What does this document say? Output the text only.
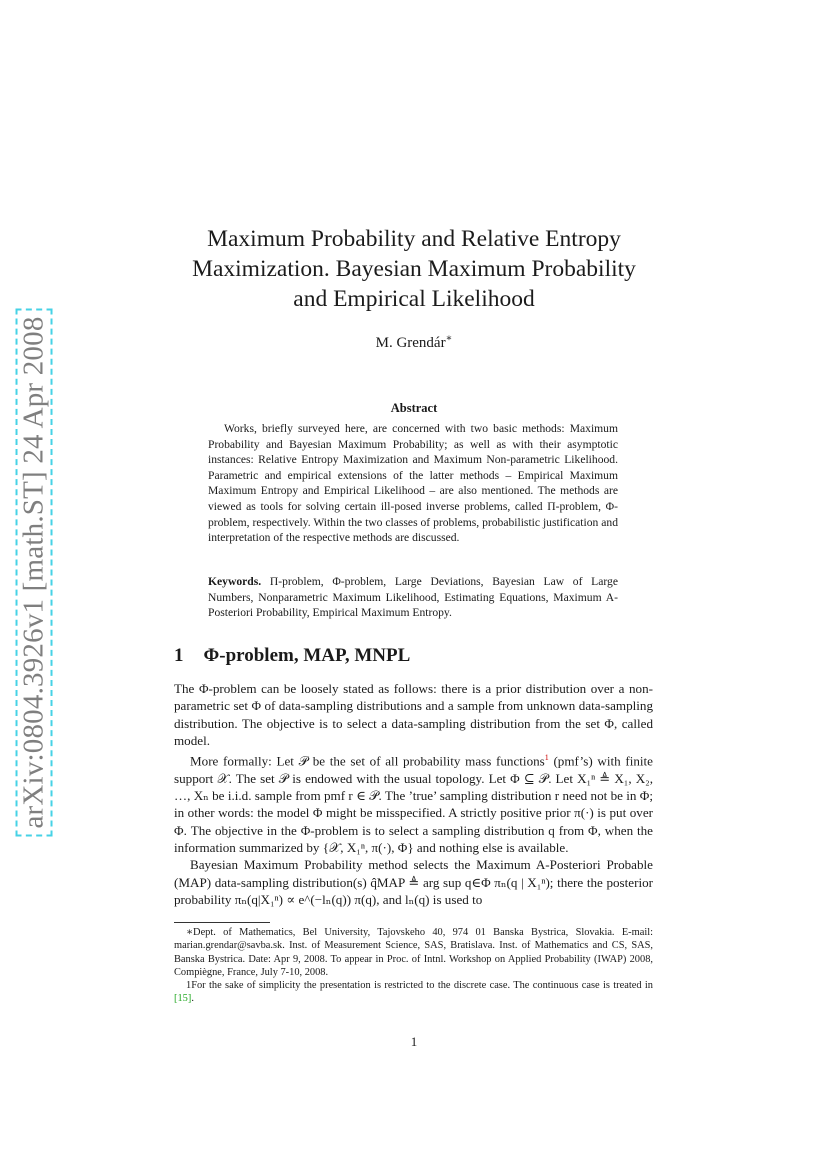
arXiv:0804.3926v1 [math.ST] 24 Apr 2008
Maximum Probability and Relative Entropy
Maximization. Bayesian Maximum Probability
and Empirical Likelihood
M. Grendár∗
Abstract
Works, briefly surveyed here, are concerned with two basic methods: Maximum Probability and Bayesian Maximum Probability; as well as with their asymptotic instances: Relative Entropy Maximization and Maximum Non-parametric Likelihood. Parametric and empirical extensions of the latter methods – Empirical Maximum Maximum Entropy and Empirical Likelihood – are also mentioned. The methods are viewed as tools for solving certain ill-posed inverse problems, called Π-problem, Φ-problem, respectively. Within the two classes of problems, probabilistic justification and interpretation of the respective methods are discussed.
Keywords. Π-problem, Φ-problem, Large Deviations, Bayesian Law of Large Numbers, Nonparametric Maximum Likelihood, Estimating Equations, Maximum A-Posteriori Probability, Empirical Maximum Entropy.
1 Φ-problem, MAP, MNPL

The Φ-problem can be loosely stated as follows: there is a prior distribution over a non-parametric set Φ of data-sampling distributions and a sample from unknown data-sampling distribution. The objective is to select a data-sampling distribution from the set Φ, called model.

More formally: Let 𝒫 be the set of all probability mass functions$^1$ (pmf’s) with finite support 𝒳. The set 𝒫 is endowed with the usual topology. Let Φ ⊆ 𝒫. Let X₁ⁿ ≜ X₁, X₂, …, Xₙ be i.i.d. sample from pmf r ∈ 𝒫. The ’true’ sampling distribution r need not be in Φ; in other words: the model Φ might be misspecified. A strictly positive prior π(·) is put over Φ. The objective in the Φ-problem is to select a sampling distribution q from Φ, when the information summarized by {𝒳, X₁ⁿ, π(·), Φ} and nothing else is available.

Bayesian Maximum Probability method selects the Maximum A-Posteriori Probable (MAP) data-sampling distribution(s) q̂MAP ≜ arg sup q∈Φ πₙ(q | X₁ⁿ); there the posterior probability πₙ(q|X₁ⁿ) ∝ e^(−lₙ(q)) π(q), and lₙ(q) is used to

∗Dept. of Mathematics, Bel University, Tajovskeho 40, 974 01 Banska Bystrica, Slovakia. E-mail: marian.grendar@savba.sk. Inst. of Measurement Science, SAS, Bratislava. Inst. of Mathematics and CS, SAS, Banska Bystrica. Date: Apr 9, 2008. To appear in Proc. of Intnl. Workshop on Applied Probability (IWAP) 2008, Compiègne, France, July 7-10, 2008.

1For the sake of simplicity the presentation is restricted to the discrete case. The continuous case is treated in [15].

1
